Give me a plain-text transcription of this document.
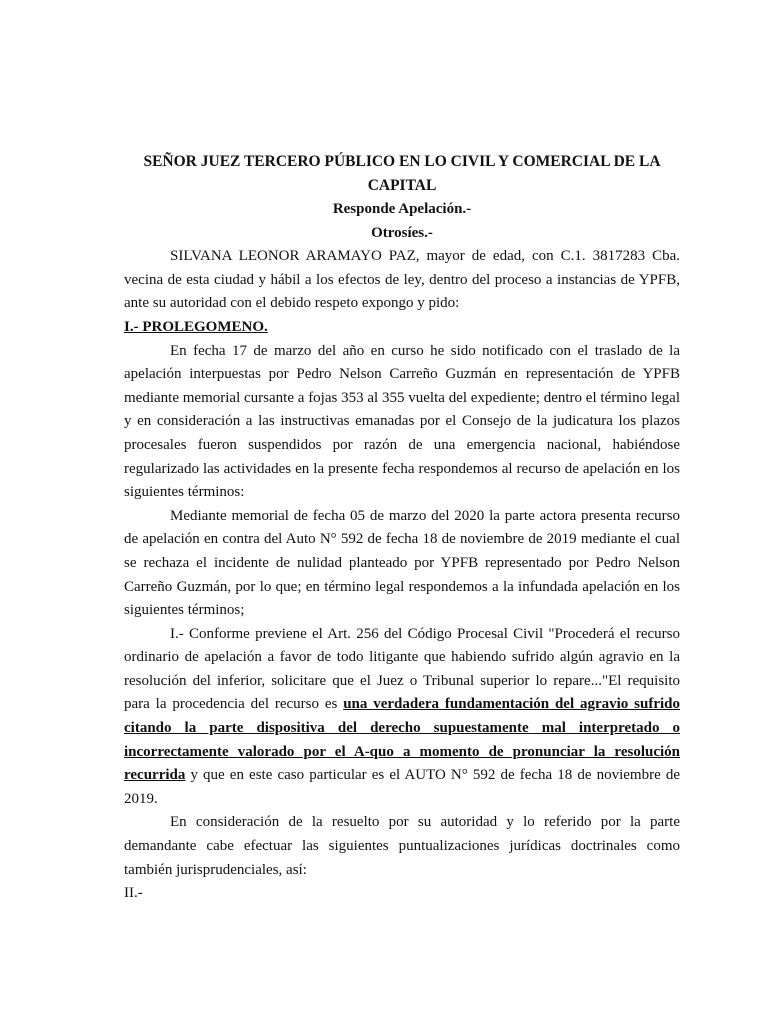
SEÑOR JUEZ TERCERO PÚBLICO EN LO CIVIL Y COMERCIAL DE LA CAPITAL

Responde Apelación.-

Otrosíes.-

SILVANA LEONOR ARAMAYO PAZ, mayor de edad, con C.1. 3817283 Cba. vecina de esta ciudad y hábil a los efectos de ley, dentro del proceso a instancias de YPFB, ante su autoridad con el debido respeto expongo y pido:

I.- PROLEGOMENO.

En fecha 17 de marzo del año en curso he sido notificado con el traslado de la apelación interpuestas por Pedro Nelson Carreño Guzmán en representación de YPFB mediante memorial cursante a fojas 353 al 355 vuelta del expediente; dentro el término legal y en consideración a las instructivas emanadas por el Consejo de la judicatura los plazos procesales fueron suspendidos por razón de una emergencia nacional, habiéndose regularizado las actividades en la presente fecha respondemos al recurso de apelación en los siguientes términos:

Mediante memorial de fecha 05 de marzo del 2020 la parte actora presenta recurso de apelación en contra del Auto N° 592 de fecha 18 de noviembre de 2019 mediante el cual se rechaza el incidente de nulidad planteado por YPFB representado por Pedro Nelson Carreño Guzmán, por lo que; en término legal respondemos a la infundada apelación en los siguientes términos;

I.- Conforme previene el Art. 256 del Código Procesal Civil "Procederá el recurso ordinario de apelación a favor de todo litigante que habiendo sufrido algún agravio en la resolución del inferior, solicitare que el Juez o Tribunal superior lo repare..."El requisito para la procedencia del recurso es una verdadera fundamentación del agravio sufrido citando la parte dispositiva del derecho supuestamente mal interpretado o incorrectamente valorado por el A-quo a momento de pronunciar la resolución recurrida y que en este caso particular es el AUTO N° 592 de fecha 18 de noviembre de 2019.

En consideración de la resuelto por su autoridad y lo referido por la parte demandante cabe efectuar las siguientes puntualizaciones jurídicas doctrinales como también jurisprudenciales, así:

II.-
